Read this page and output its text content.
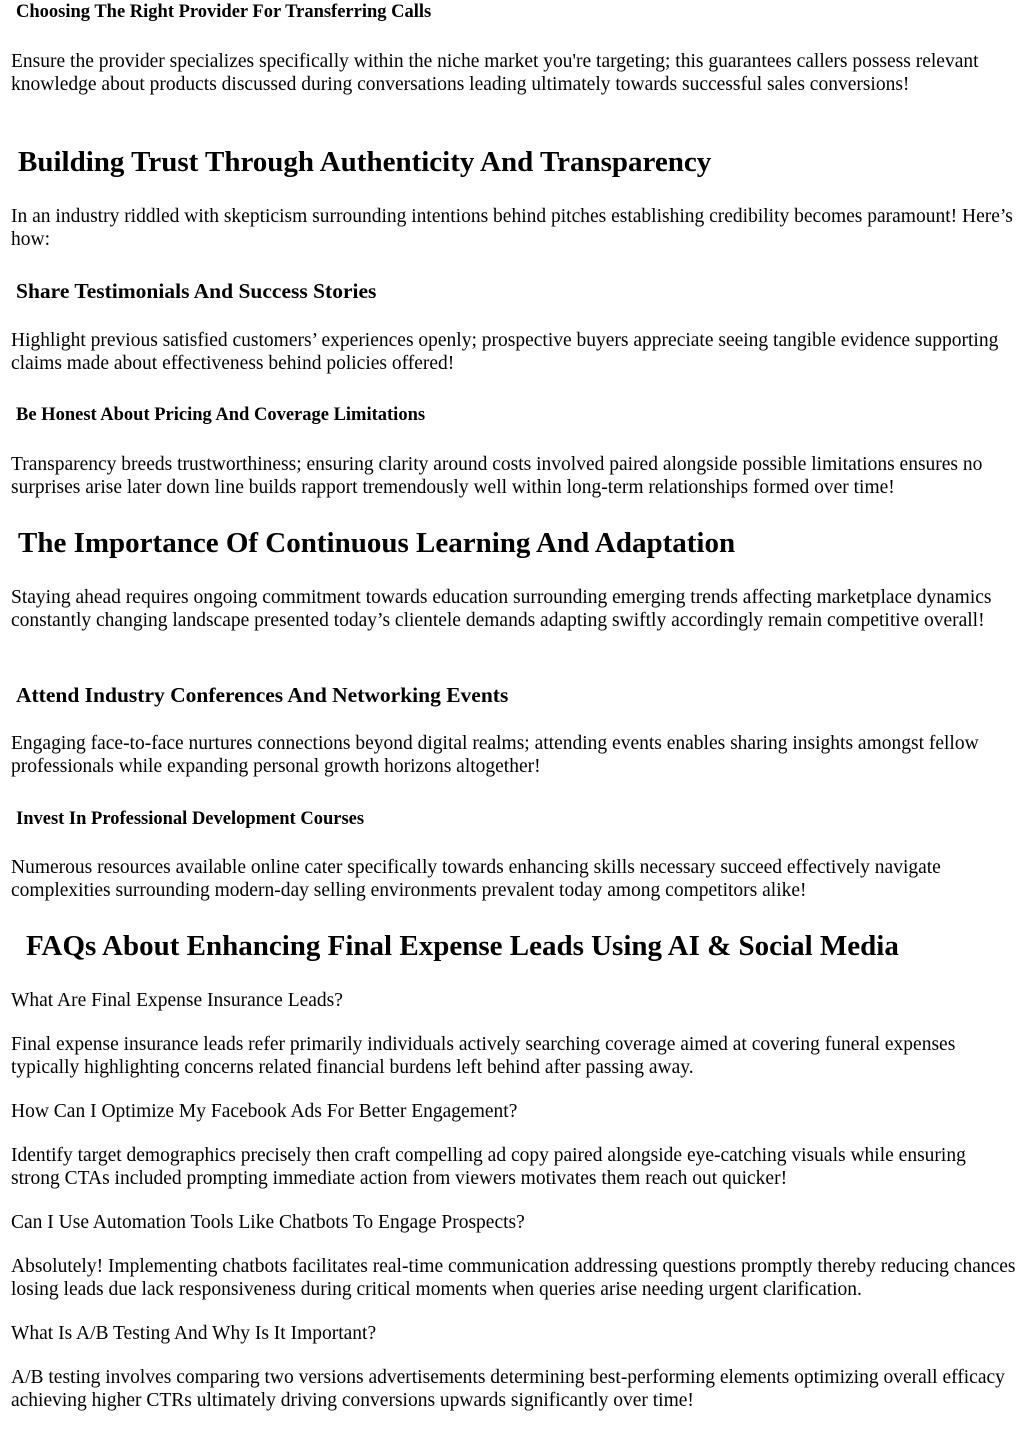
Choosing The Right Provider For Transferring Calls

Ensure the provider specializes specifically within the niche market you're targeting; this guarantees callers possess relevant knowledge about products discussed during conversations leading ultimately towards successful sales conversions!

Building Trust Through Authenticity And Transparency

In an industry riddled with skepticism surrounding intentions behind pitches establishing credibility becomes paramount! Here’s how:

Share Testimonials And Success Stories

Highlight previous satisfied customers’ experiences openly; prospective buyers appreciate seeing tangible evidence supporting claims made about effectiveness behind policies offered!

Be Honest About Pricing And Coverage Limitations

Transparency breeds trustworthiness; ensuring clarity around costs involved paired alongside possible limitations ensures no surprises arise later down line builds rapport tremendously well within long-term relationships formed over time!

The Importance Of Continuous Learning And Adaptation

Staying ahead requires ongoing commitment towards education surrounding emerging trends affecting marketplace dynamics constantly changing landscape presented today’s clientele demands adapting swiftly accordingly remain competitive overall!

Attend Industry Conferences And Networking Events

Engaging face-to-face nurtures connections beyond digital realms; attending events enables sharing insights amongst fellow professionals while expanding personal growth horizons altogether!

Invest In Professional Development Courses

Numerous resources available online cater specifically towards enhancing skills necessary succeed effectively navigate complexities surrounding modern-day selling environments prevalent today among competitors alike!

FAQs About Enhancing Final Expense Leads Using AI & Social Media

What Are Final Expense Insurance Leads?

Final expense insurance leads refer primarily individuals actively searching coverage aimed at covering funeral expenses typically highlighting concerns related financial burdens left behind after passing away.

How Can I Optimize My Facebook Ads For Better Engagement?

Identify target demographics precisely then craft compelling ad copy paired alongside eye-catching visuals while ensuring strong CTAs included prompting immediate action from viewers motivates them reach out quicker!

Can I Use Automation Tools Like Chatbots To Engage Prospects?

Absolutely! Implementing chatbots facilitates real-time communication addressing questions promptly thereby reducing chances losing leads due lack responsiveness during critical moments when queries arise needing urgent clarification.

What Is A/B Testing And Why Is It Important?

A/B testing involves comparing two versions advertisements determining best-performing elements optimizing overall efficacy achieving higher CTRs ultimately driving conversions upwards significantly over time!
